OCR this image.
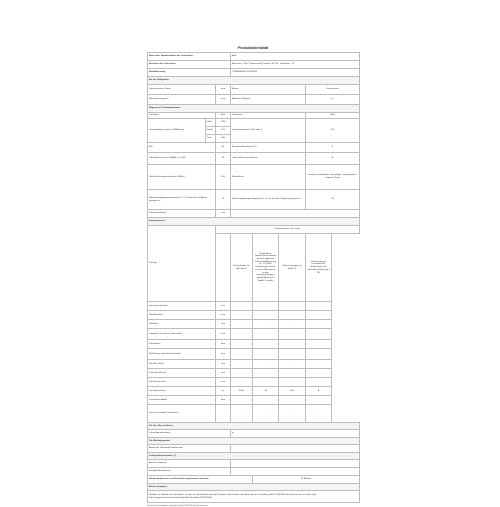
Produktdatenblatt
Name oder Handelsmarke des Lieferanten:			AEG			
Anschrift des Lieferanten:			Electrolux · 26 a/ Postanschrift Postfach 30 370 · Kirchheim · PL			
Modellkennung:			TSF6A1B2E5 923790063			
Art des Kühlgeräts:						
Geräuscharmes Gerät		nein	Bauart			Einbaugerät
Weinlagerungsgerät		nein	Anderes Kühlgerät			ja
Allgemeine Produktparameter:						
Parameter		Wert	Parameter			Wert
Gesamtabmessungen (in Millimeter)	Höhe	1769	Gesamtvolumen (in dm³ oder l)			310
	Breite	557				
	Tiefe	549				
EEI		80	Energieeffizienzklasse (³)			E
Luftschallemissionen (dB(A) re 1 pW)		35	Luftschallemissionsklasse			B
Jährlicher Energieverbrauch (kWh/a)		184	Klimaklasse :			erweiterte gemäßigte / gemäßigte / subtropische / tropische Zone
Mindestumgebungstemperatur (in °C), für die das Kühlgerät geeignet ist		10	Höchstumgebungstemperatur (in °C), für die das Kühlgerät geeignet ist			43
Wintereinstellung		nein				
Fachparameter:						
Fachtyp		Fachparameter und -werte				
			Fachvolumen (in dm³ oder l)	Empfohlene Temperatureinstellung für eine optimierte Lebensmittellagerung (in °C) Diese Einstellungen dürfen nicht im Widerspruch zu den Lagerbedingungen gemäß Anhang IV Tabelle 3 stehen	Gefriervermögen (in kg/24 h)	Entfrostungsart (automatische Entfrostung = A, manuelle Entfrostung = M)
Speisekammerfach		nein	-	-	-	-
Weinlagerfach		nein	-	-	-	-
Kellerfach		nein	-	-	-	-
Lagerfach für frische Lebensmittel		nein	-	-	-	-
Kühlgutfach		nein	-	-	-	-
Null-Sterne- oder Eisbereiterfach		nein	-	-	-	-
Ein-Stern-Fach		nein	-	-	-	-
Zwei-Sterne-Fach		nein	-	-	-	-
Drei-Sterne-Fach		nein	-	-	-	-
Vier-Sterne-Fach		ja	310,6	-18	26,5	A
Zwei-Sterne-Abteil		nein	-	-	-	-
Fach mit variabler Temperatur			-	-	-	-
Für Vier-Sterne-Fächer						
Schnellgefrierfunktion			ja			
Für Weinlagergeräte						
Anzahl der Standard-Weinflaschen						
Lichtquellenparameter (⁴):						
Art der Lichtquelle						
Energieeffizienzklasse						
Mindestlaufzeit der vom Hersteller angebotenen Garantie:				24 Monate		
Weitere Angaben:						
Weblink zur Website des Herstellers, auf der die Informationen gemäß Nummer 4 Buchstabe a des Anhangs der Verordnung (EU) 2019/2023 der Kommission zu finden sind: https://support.electrolux.eu/ui/en/eprel/ProductSheet/923790063						
(³) Gemäß der Delegierten Verordnung (EU) 2019/2019 der Kommission.
